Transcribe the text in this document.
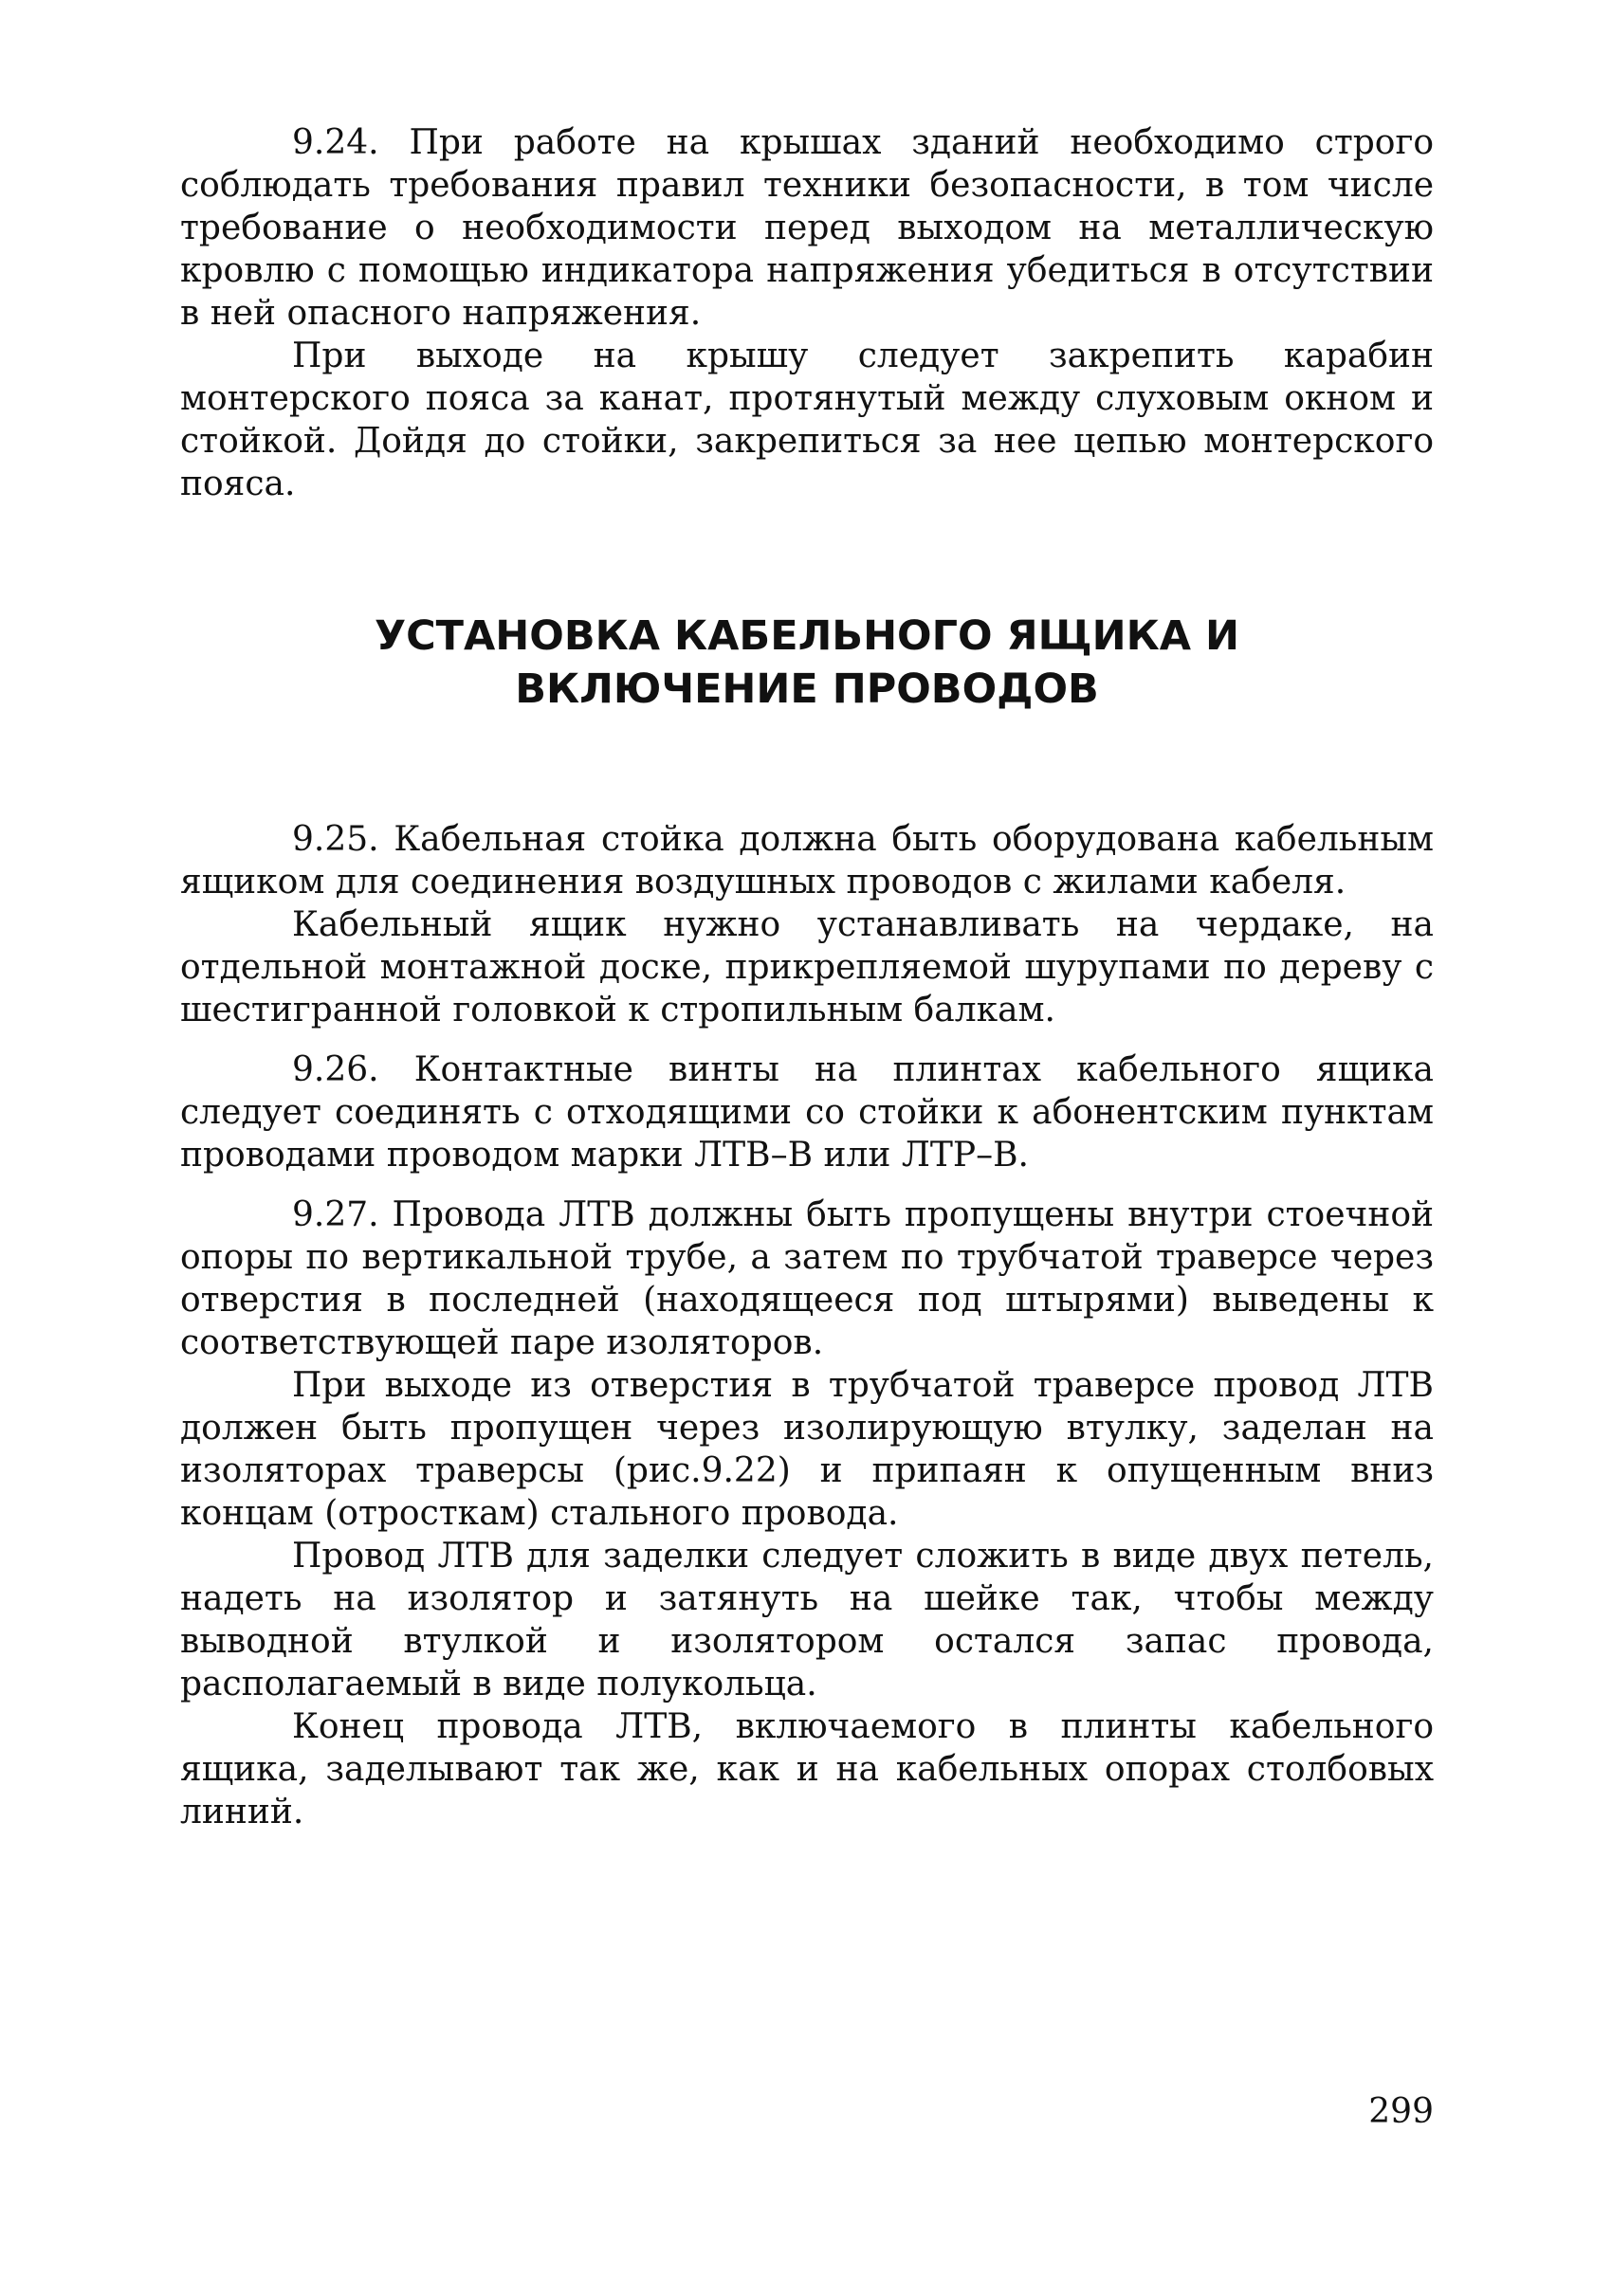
9.24. При работе на крышах зданий необходимо строго соблюдать требования правил техники безопасности, в том числе требование о необходимости перед выходом на металлическую кровлю с помощью индикатора напряжения убедиться в отсутствии в ней опасного напряжения.

При выходе на крышу следует закрепить карабин монтерского пояса за канат, протянутый между слуховым окном и стойкой. Дойдя до стойки, закрепиться за нее цепью монтерского пояса.

УСТАНОВКА КАБЕЛЬНОГО ЯЩИКА И
ВКЛЮЧЕНИЕ ПРОВОДОВ

9.25. Кабельная стойка должна быть оборудована кабельным ящиком для соединения воздушных проводов с жилами кабеля.

Кабельный ящик нужно устанавливать на чердаке, на отдельной монтажной доске, прикрепляемой шурупами по дереву с шестигранной головкой к стропильным балкам.

9.26. Контактные винты на плинтах кабельного ящика следует соединять с отходящими со стойки к абонентским пунктам проводами проводом марки ЛТВ–В или ЛТР–В.

9.27. Провода ЛТВ должны быть пропущены внутри стоечной опоры по вертикальной трубе, а затем по трубчатой траверсе через отверстия в последней (находящееся под штырями) выведены к соответствующей паре изоляторов.

При выходе из отверстия в трубчатой траверсе провод ЛТВ должен быть пропущен через изолирующую втулку, заделан на изоляторах траверсы (рис.9.22) и припаян к опущенным вниз концам (отросткам) стального провода.

Провод ЛТВ для заделки следует сложить в виде двух петель, надеть на изолятор и затянуть на шейке так, чтобы между выводной втулкой и изолятором остался запас провода, располагаемый в виде полукольца.

Конец провода ЛТВ, включаемого в плинты кабельного ящика, заделывают так же, как и на кабельных опорах столбовых линий.

299
